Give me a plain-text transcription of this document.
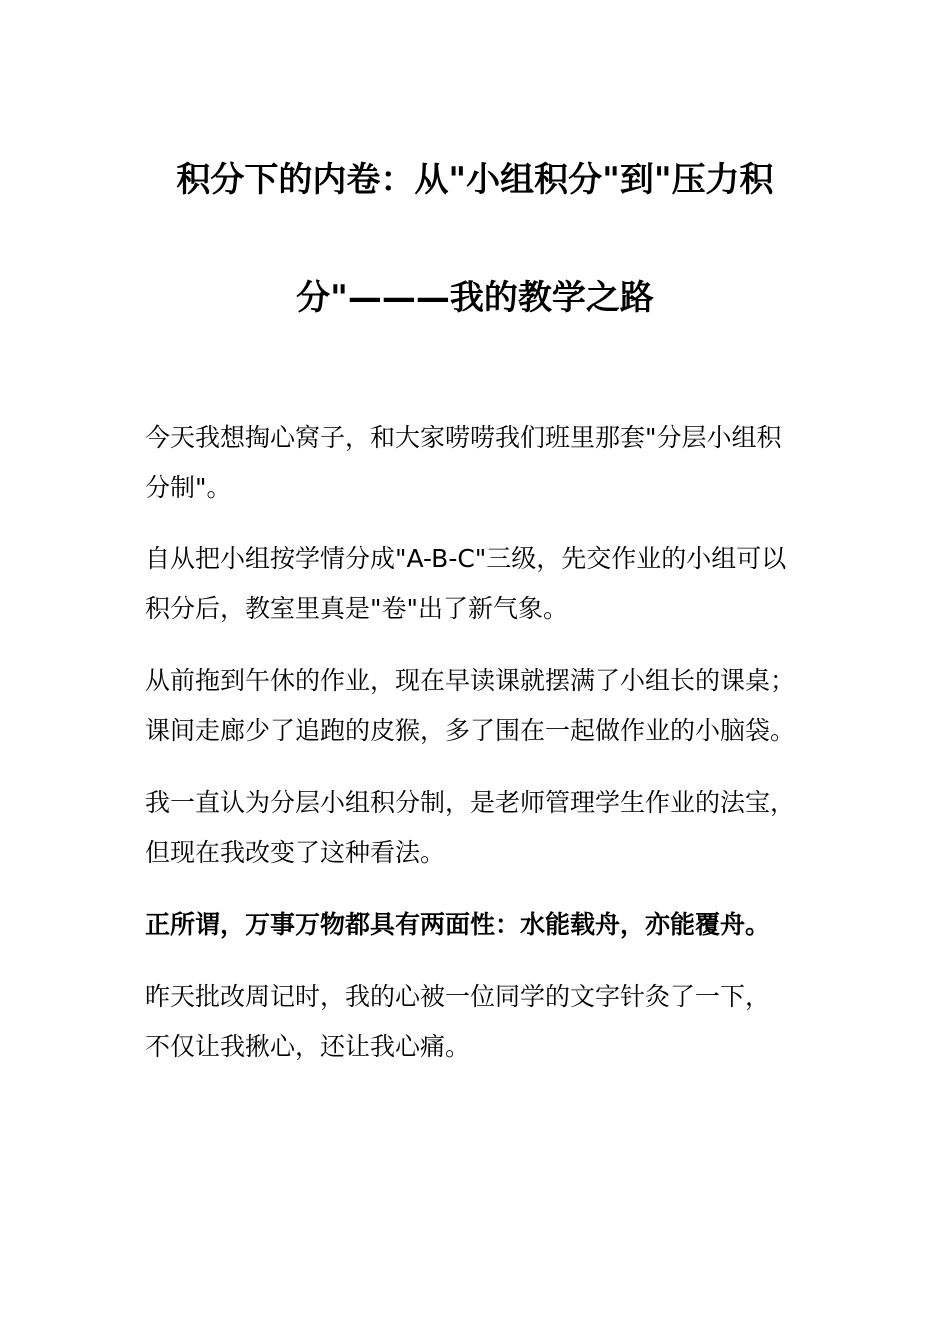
积分下的内卷：从"小组积分"到"压力积
分"———我的教学之路

今天我想掏心窝子，和大家唠唠我们班里那套"分层小组积
分制"。

自从把小组按学情分成"A-B-C"三级，先交作业的小组可以
积分后，教室里真是"卷"出了新气象。

从前拖到午休的作业，现在早读课就摆满了小组长的课桌；
课间走廊少了追跑的皮猴，多了围在一起做作业的小脑袋。

我一直认为分层小组积分制，是老师管理学生作业的法宝，
但现在我改变了这种看法。

正所谓，万事万物都具有两面性：水能载舟，亦能覆舟。

昨天批改周记时，我的心被一位同学的文字针灸了一下，
不仅让我揪心，还让我心痛。
